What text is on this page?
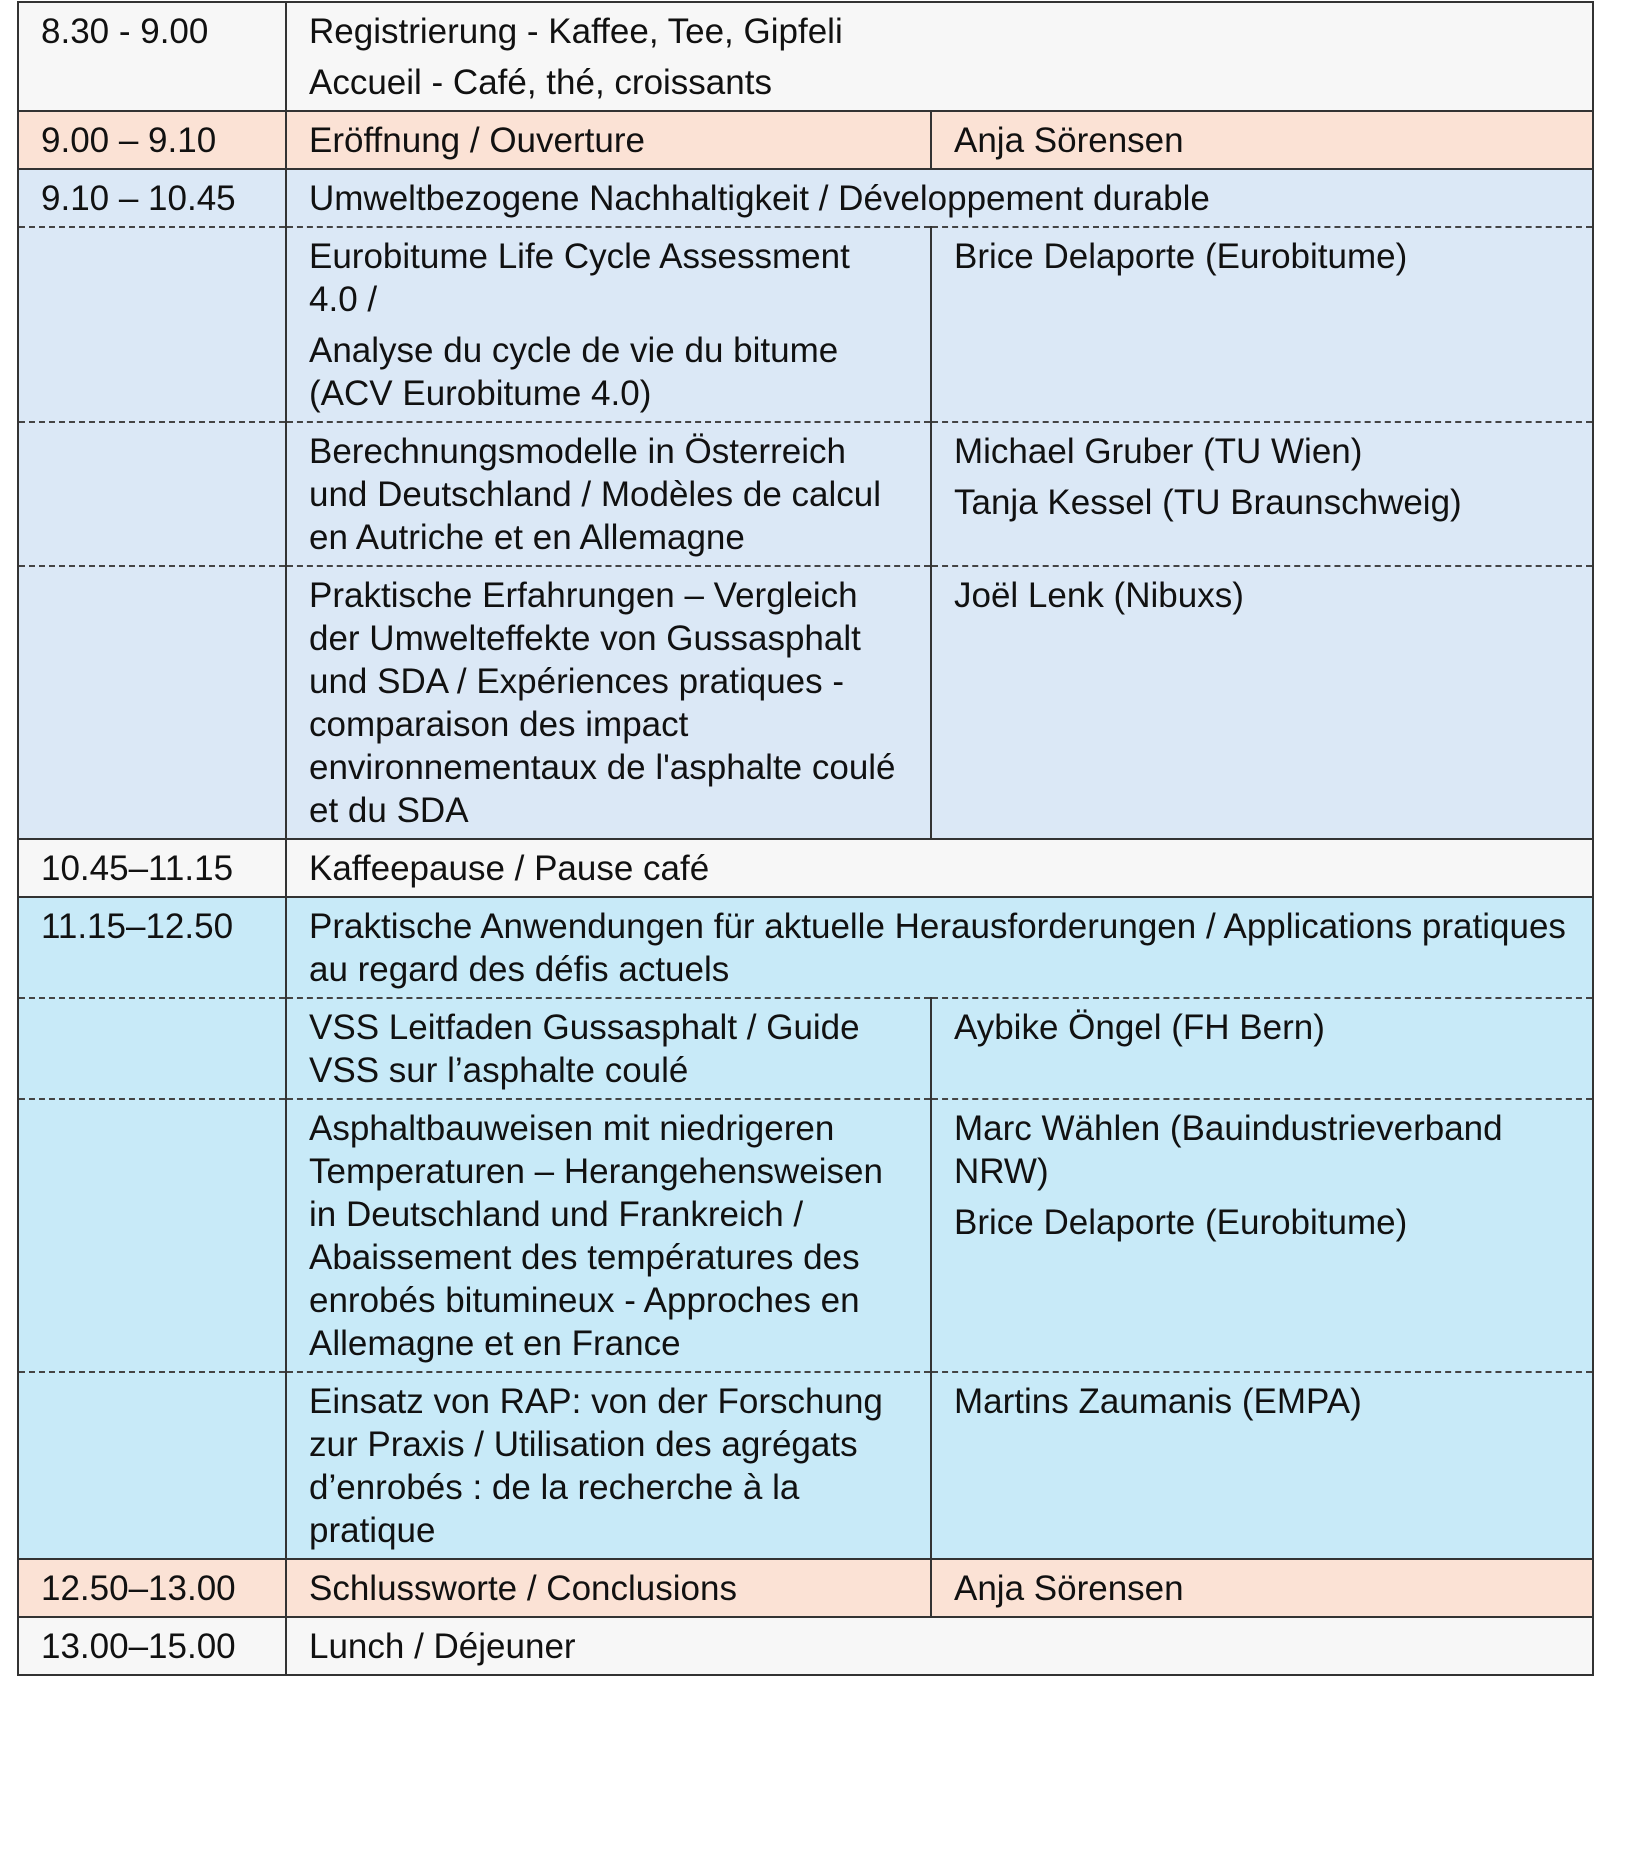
8.30 - 9.00	Registrierung - Kaffee, Tee, Gipfeli
Accueil - Café, thé, croissants	

9.00 – 9.10	Eröffnung / Ouverture	Anja Sörensen
9.10 – 10.45	Umweltbezogene Nachhaltigkeit / Développement durable	

	Eurobitume Life Cycle Assessment 4.0 /
Analyse du cycle de vie du bitume (ACV Eurobitume 4.0)	Brice Delaporte (Eurobitume)

	Berechnungsmodelle in Österreich und Deutschland / Modèles de calcul en Autriche et en Allemagne	Michael Gruber (TU Wien)
Tanja Kessel (TU Braunschweig)

	Praktische Erfahrungen – Vergleich der Umwelteffekte von Gussasphalt und SDA / Expériences pratiques - comparaison des impact environnementaux de l'asphalte coulé et du SDA	Joël Lenk (Nibuxs)

10.45–11.15	Kaffeepause / Pause café	
11.15–12.50	Praktische Anwendungen für aktuelle Herausforderungen / Applications pratiques au regard des défis actuels	
	VSS Leitfaden Gussasphalt / Guide VSS sur l’asphalte coulé	Aybike Öngel (FH Bern)

	Asphaltbauweisen mit niedrigeren Temperaturen – Herangehensweisen in Deutschland und Frankreich / Abaissement des températures des enrobés bitumineux - Approches en Allemagne et en France	Marc Wählen (Bauindustrieverband NRW)
Brice Delaporte (Eurobitume)

	Einsatz von RAP: von der Forschung zur Praxis / Utilisation des agrégats d’enrobés : de la recherche à la pratique	Martins Zaumanis (EMPA)

12.50–13.00	Schlussworte / Conclusions	Anja Sörensen
13.00–15.00	Lunch / Déjeuner	
